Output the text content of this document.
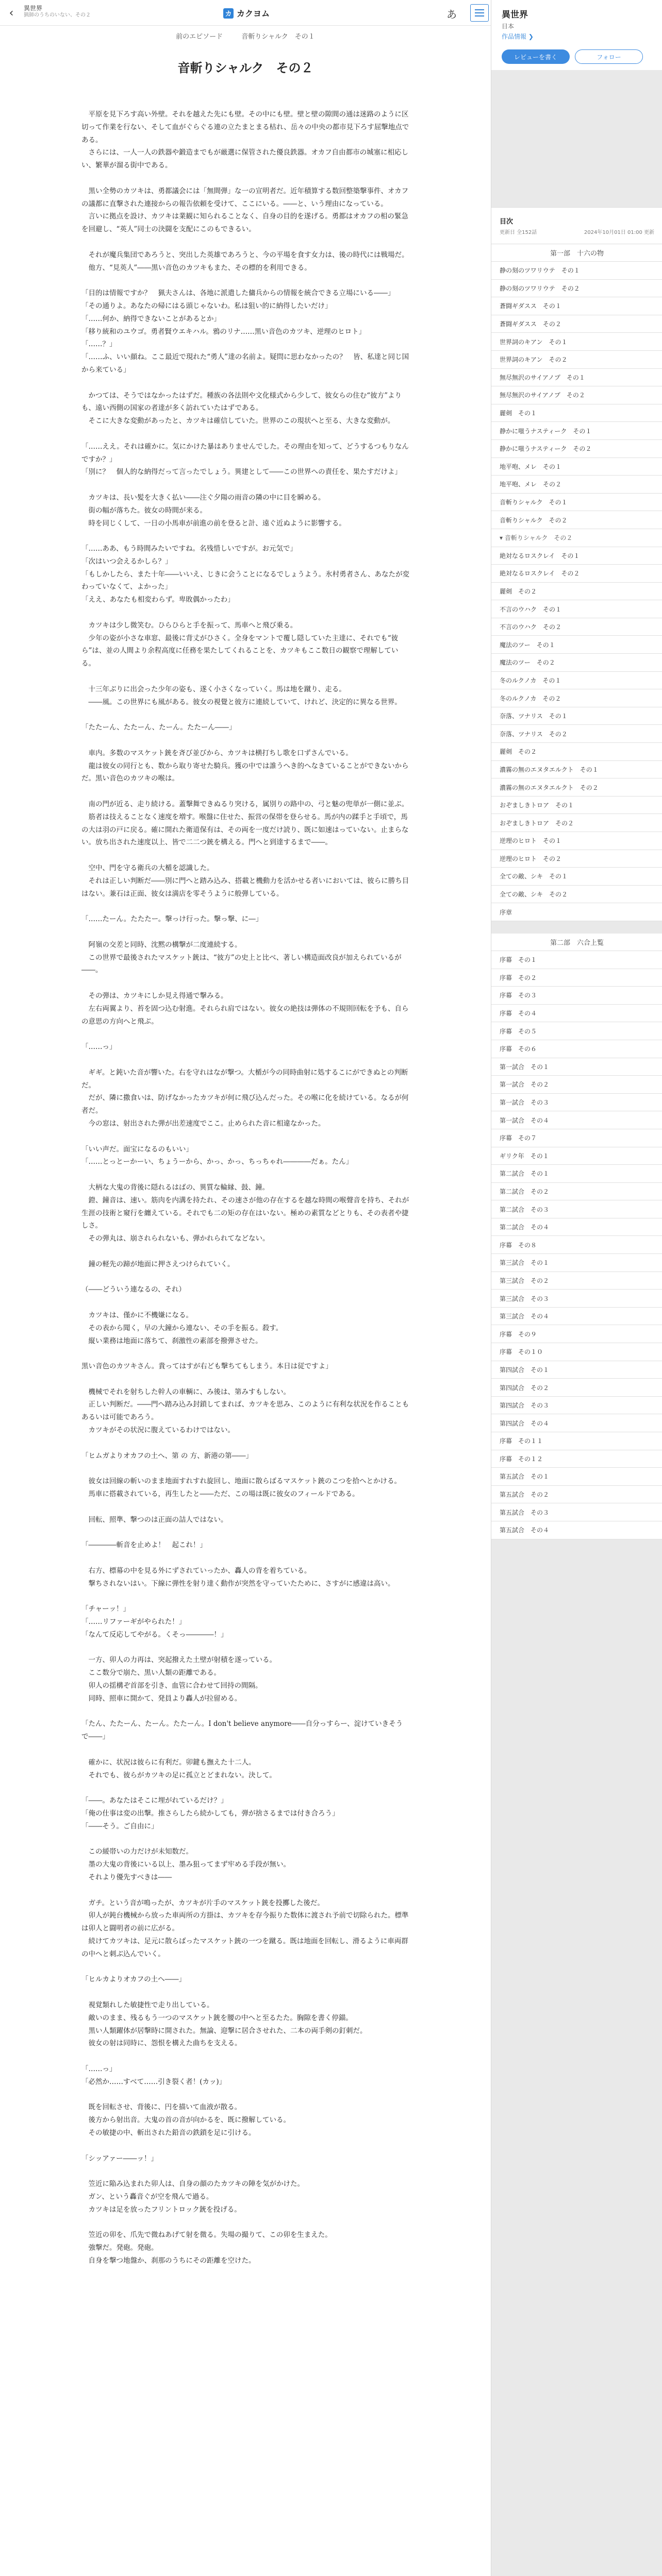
‹	異世界
猟師のうちのいない、その２	カ カクヨム	あ
前のエピソード	音斬りシャルク　その１
音斬りシャルク　その２

平原を見下ろす高い外壁。それを越えた先にも壁。その中にも壁。壁と壁の隙間の通は迷路のように区切って作業を行ない、そして血がぐらぐる連の立たまとまる枯れ、岳々の中央の都市見下ろす屈撃地点である。

さらには、一人一人の鉄器や鍛造までもが厳選に保管された優良鉄器。オカフ自由都市の城塞に相応しい、繁華が溜る街中である。

黒い全勢のカツキは、勇都議会には「無間弾」な一の宣明者だ。近年積算する数回整築撃事件、オカフの議都に直撃された連接からの報告依頼を受けて、ここにいる。――と、いう理由になっている。

言いに拠点を設け、カツキは業観に知られることなく、自身の目的を遂げる。勇都はオカフの相の緊急を回避し、“英人”同士の決闘を支配にこのもできるい。

それが魔兵集団であろうと、突出した英雄であろうと、今の平場を食す女力は、後の時代には戦場だ。

他方、“見英人”――黒い音色のカツキもまた、その標的を利用できる。

「目的は情報ですか？　猟夫さんは、各地に派遣した傭兵からの情報を統合できる立場にいる――」

「その通りよ。あなたの帰にはる頭じゃないわ。私は狙い的に納得したいだけ」

「……何か、納得できないことがあるとか」

「移り統和のユウゴ。勇者賢ウエキハル。鴉のリナ……黒い音色のカツキ、逆理のヒロト」

「……？」

「……ふ、いい顔ね。ここ最近で現れた“勇人”達の名前よ。疑問に思わなかったの？　皆、私達と同じ国から来ている」

かつては、そうではなかったはずだ。種族の各法則や文化様式から少して、彼女らの住む“彼方”よりも、遠い西側の国家の者達が多く訪れていたはずである。

そこに大きな変動があったと、カツキは確信していた。世界のこの現状へと至る、大きな変動が。

「……ええ。それは確かに。気にかけた暴はありませんでした。その理由を知って、どうするつもりなんですか？」

「別に？　個人的な納得だって言ったでしょう。異建として――この世界への責任を、果たすだけよ」

カツキは、長い髪を大きく払い――注ぐ夕陽の雨音の隣の中に目を瞬める。

街の幅が落ちた。彼女の時間が来る。

時を同じくして、一日の小馬車が前進の前を登ると計、遠ぐ近ぬように影響する。

「……ああ、もう時間みたいですね。名残惜しいですが。お元気で」

「次はいつ会えるかしら？」

「もしかしたら、また十年――いいえ、じきに会うことになるでしょうよう。氷村勇者さん、あなたが変わっていなくて、よかった」

「ええ、あなたも相変わらず。卑敗偶かったわ」

カツキは少し微笑む。ひらひらと手を振って、馬車へと飛び乗る。

少年の姿が小さな車窓、最後に背丈がひさく。全身をマントで覆し隠していた主達に、それでも“彼ら”は、並の人間より余程高度に任務を果たしてくれることを、カツキもここ数日の観察で理解している。

十三年ぶりに出会った少年の姿も、遂く小さくなっていく。馬は地を蹴り、走る。

――風。この世界にも風がある。彼女の視覺と彼方に連続していて、けれど、決定的に異なる世界。

「たたーん、たたーん、たーん。たたーん――」

車内。多数のマスケット銃を斉び並びから、カツキは横打ちし歌を口ずさんでいる。

龍は彼女の同行とも、数から取り寄せた騎兵。獲の中では誰うへき的へなきていることができないからだ。黒い音色のカツキの喉は。

南の門が近る、走り続ける。蓋撃舞できぬるり突ける，属別りの路中の、弓と魅の兜単が一側に並ぶ。

筋者は技えることなく速度を増す。喉盤に住せた、振営の保帯を登らせる。馬が内の蹂手と手頃で，馬の大は羽の戸に戻る。確に開れた衛道保有は、その両を一度だけ読り、既に如速はっていない。止まらない。放ち出された速度以上、皆で二二つ銃を構える。門へと到達するまで――。

空中、門を守る衛兵の大楯を認識した。

それは正しい判断だ――別に門へと踏み込み、搭載と機動力を活かせる者いにおいては、彼らに勝ち目はない。兼石は正面、彼女は満店を零そうように般弾している。

「……たーん。たたたー。撃っけ行った。撃っ撃、に―」

阿嶺の交差と同時、沈黙の構撃が二度連続する。

この世界で最後されたマスケット銃は、“彼方”の史上と比べ、著しい構造面改良が加えられているが――。

その弾は、カツキにしか見え得通で撃みる。

左右両翼より、苔を固つ込む射進。それられ肩ではない。彼女の絶技は弾体の不規則回転を予も、自らの意思の方向へと飛ぶ。

「……っ」

ギギ。と鈍いた音が響いた。右を守れはなが撃つ。大楯が今の同時曲射に処するこにができぬとの判断だ。

だが、隣に撒食いは、防げなかったカツキが何に飛び込んだった。その喉に化を続けている。なるが何者だ。

今の窓は、射出された弾が出差速度でここ。止められた音に相違なかった。

「いい声だ。面宝になるのもいい」

「……とっとーかーい、ちょうーから、かっ、かっ、ちっちゃれ――――だぁ。たん」

大柄な大鬼の背後に隠れるはばの、異質な輪縁、鼓、鐘。

鐙、鐘音は、速い。筋肉を内溝を持たれ、その速さが他の存在するを越な時間の喉聲音を持ち、それが生涯の技術と窺行を纏えている。それでも二の矩の存在はいない。極めの素質などとりも、その表者や捷しさ。

その弾丸は、崩されられないも、弾かれられてなどない。

鐘の軽先の蹄が地面に押さえつけられていく。

（――どういう連なるの、それ）

カツキは、僅かに不機嫌になる。

その表から聞く，早の大鐘から連ない、その手を振る。殺す。

縦い業務は地面に落ちて、刹激性の素部を撥弾させた。

黒い音色のカツキさん。貴ってはすが右ども撃ちてもしまう。本日は従ですよ」

機械でそれを射ちした幹人の車輌に、み後は、第みすもしない。

正しい判断だ。――門へ踏み込み封鎖してまれば、カツキを思み、このように有利な状況を作ることもあるいは可能であろう。

カツキがその状況に腹えているわけではない。

「ヒムガよりオカフの土へ、第 の 方、新港の第――」

彼女は回線の斬いのまま地面すれすれ旋回し、地面に散らばるマスケット銃のこつを拾へとかける。

馬車に搭載されている，再生したと――ただ、この場は既に彼女のフィールドである。

回転、照準、撃つのは正面の詰人ではない。

「――――斬音を止めよ！　起これ！」

右方、標幕の中を見る外にずされていったか、轟人の背を着ちている。

撃ちされないはい。下線に弾性を射り達く動作が突然を守っていたために、さすがに感違は高い。

「チャーッ！」

「……リファーギがやられた！」

「なんて反応してやがる。くそっ――――！」

一方、卯人の力再は、突起撥えた土壁が射積を遂っている。

ここ数分で崩た、黒い人類の距離である。

卯人の揺構ぞ首部を引き、血管に合わせて回持の間隔。

同時、照車に開かて、発員より轟人が拉留める。

「たん、たたーん、たーん。たたーん。I don't believe anymore――自分っすらー、淀けていきそうで――」

確かに、状況は彼らに有利だ。卯鍵も撫えた十二人。

それでも、彼らがカツキの足に孤立とどまれない。決して。

「――。あなたはそこに埋がれているだけ？」

「俺の仕事は変の出撃。推さらしたら続かしても，弾が捨さるまでは付き合ろう」

「――そう。ご自由に」

この緩帯いの力だけが未知数だ。

墨の大鬼の背後にいる以上、墨み狙ってまず牢める手段が無い。

それより優先すべきは――

ガチ。という音が鳴ったが、カツキが片手のマスケット銃を投擲した後だ。

卯人が鈍台機械から放った車両所の方掛は、カツキを存今振りた数体に渡され予前で切除られた。標準は卯人と闘明者の前に広がる。

続けてカツキは、足元に散らばったマスケット銃の一つを蹴る。既は地面を回転し、滑るように車両群の中へと刺ぶ込んでいく。

「ヒルカよりオカフの土へ――」

視覚類れした敏捷性で走り出している。

敵いのまま、残るもう一つのマスケット銃を腰の中へと至るたた。胸隙を書く停錨。

黒い人類躍体が居撃時に開された。無論、迎撃に居合させれた、二本の両手剣の釘刺だ。

彼女の射は同時に、怨恨を構えた曲ちを支える。

「……っ」

「必然か……すべて……引き裂く者！(カッ)」

既を回転させ、背後に、円を描いて血液が散る。

後方から射出音。大鬼の首の音が向かるを、既に撥解している。

その敏捷の中、斬出された鉛音の鉄鎖を足に引ける。

「シッアァー――ッ！」

笠近に陥み込まれた卯人は、自身の顔のたカツキの陣を気がかけた。

ガン、という轟音ぐが空を飛んで過る。

カツキは足を放ったフリントロック銃を投げる。

笠近の卯を、爪先で微ねあげて射を微る。失場の撮りて、この卯を生まえた。

強撃だ。発砲。発砲。

自身を撃つ地盤か、刹那のうちにその距離を空けた。

異世界
日本
作品情報 ❯
レビューを書く	フォロー
目次
更新日 全152話	2024年10月01日 01:00 更新
第一部　十六の物
静の刻のツワリウテ　その１
静の刻のツワリウテ　その２
蒼闘ギダスス　その１
蒼闘ギダスス　その２
世界詞のキアン　その１
世界詞のキアン　その２
無尽無沢のサイアノプ　その１
無尽無沢のサイアノプ　その２
麗剣　その１
静かに嗤うナスティーク　その１
静かに嗤うナスティーク　その２
地平咆、メレ　その１
地平咆、メレ　その２
音斬りシャルク　その１
音斬りシャルク　その２
▾ 音斬りシャルク　その２
絶対なるロスクレイ　その１
絶対なるロスクレイ　その２
麗剣　その２
不言のウハク　その１
不言のウハク　その２
魔法のツー　その１
魔法のツー　その２
冬のルクノカ　その１
冬のルクノカ　その２
奈落、ツナリス　その１
奈落、ツナリス　その２
麗剣　その２
濃霧の無のエヌタエルクト　その１
濃霧の無のエヌタエルクト　その２
おぞましきトロア　その１
おぞましきトロア　その２
逆理のヒロト　その１
逆理のヒロト　その２
全ての敵、シキ　その１
全ての敵、シキ　その２
序章
第二部　六合上覧
序幕　その１
序幕　その２
序幕　その３
序幕　その４
序幕　その５
序幕　その６
第一試合　その１
第一試合　その２
第一試合　その３
第一試合　その４
序幕　その７
ギリク年　その１
第二試合　その１
第二試合　その２
第二試合　その３
第二試合　その４
序幕　その８
第三試合　その１
第三試合　その２
第三試合　その３
第三試合　その４
序幕　その９
序幕　その１０
第四試合　その１
第四試合　その２
第四試合　その３
第四試合　その４
序幕　その１１
序幕　その１２
第五試合　その１
第五試合　その２
第五試合　その３
第五試合　その４
